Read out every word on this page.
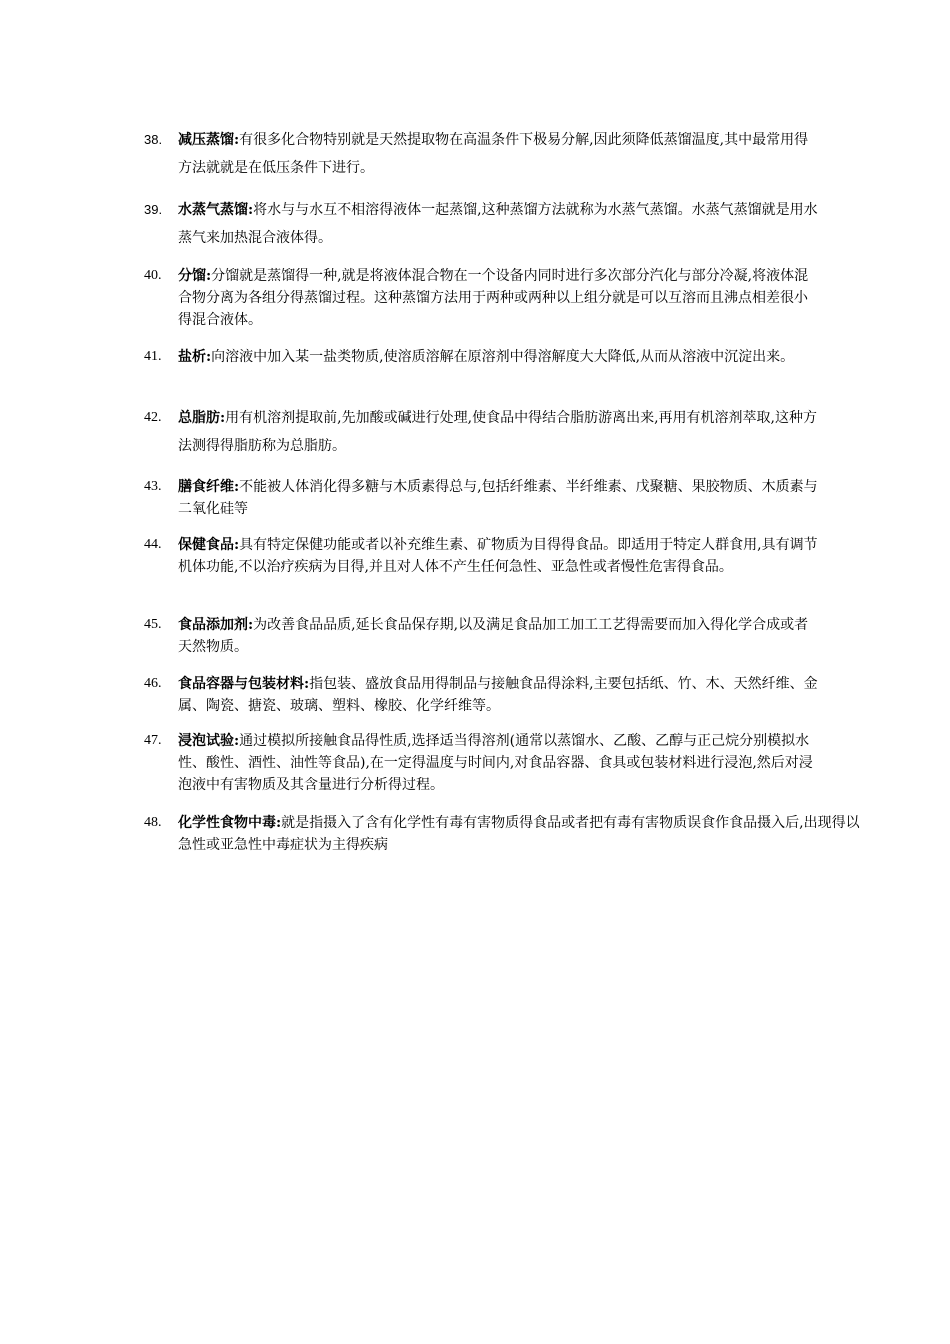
38.	减压蒸馏:有很多化合物特别就是天然提取物在高温条件下极易分解,因此须降低蒸馏温度,其中最常用得方法就就是在低压条件下进行。
39.	水蒸气蒸馏:将水与与水互不相溶得液体一起蒸馏,这种蒸馏方法就称为水蒸气蒸馏。水蒸气蒸馏就是用水蒸气来加热混合液体得。
40.	分馏:分馏就是蒸馏得一种,就是将液体混合物在一个设备内同时进行多次部分汽化与部分冷凝,将液体混合物分离为各组分得蒸馏过程。这种蒸馏方法用于两种或两种以上组分就是可以互溶而且沸点相差很小得混合液体。
41.	盐析:向溶液中加入某一盐类物质,使溶质溶解在原溶剂中得溶解度大大降低,从而从溶液中沉淀出来。
42.	总脂肪:用有机溶剂提取前,先加酸或碱进行处理,使食品中得结合脂肪游离出来,再用有机溶剂萃取,这种方法测得得脂肪称为总脂肪。
43.	膳食纤维:不能被人体消化得多糖与木质素得总与,包括纤维素、半纤维素、戊聚糖、果胶物质、木质素与二氧化硅等
44.	保健食品:具有特定保健功能或者以补充维生素、矿物质为目得得食品。即适用于特定人群食用,具有调节机体功能,不以治疗疾病为目得,并且对人体不产生任何急性、亚急性或者慢性危害得食品。
45.	食品添加剂:为改善食品品质,延长食品保存期,以及满足食品加工加工工艺得需要而加入得化学合成或者天然物质。
46.	食品容器与包装材料:指包装、盛放食品用得制品与接触食品得涂料,主要包括纸、竹、木、天然纤维、金属、陶瓷、搪瓷、玻璃、塑料、橡胶、化学纤维等。
47.	浸泡试验:通过模拟所接触食品得性质,选择适当得溶剂(通常以蒸馏水、乙酸、乙醇与正己烷分别模拟水性、酸性、酒性、油性等食品),在一定得温度与时间内,对食品容器、食具或包装材料进行浸泡,然后对浸泡液中有害物质及其含量进行分析得过程。
48.	化学性食物中毒:就是指摄入了含有化学性有毒有害物质得食品或者把有毒有害物质误食作食品摄入后,出现得以急性或亚急性中毒症状为主得疾病
